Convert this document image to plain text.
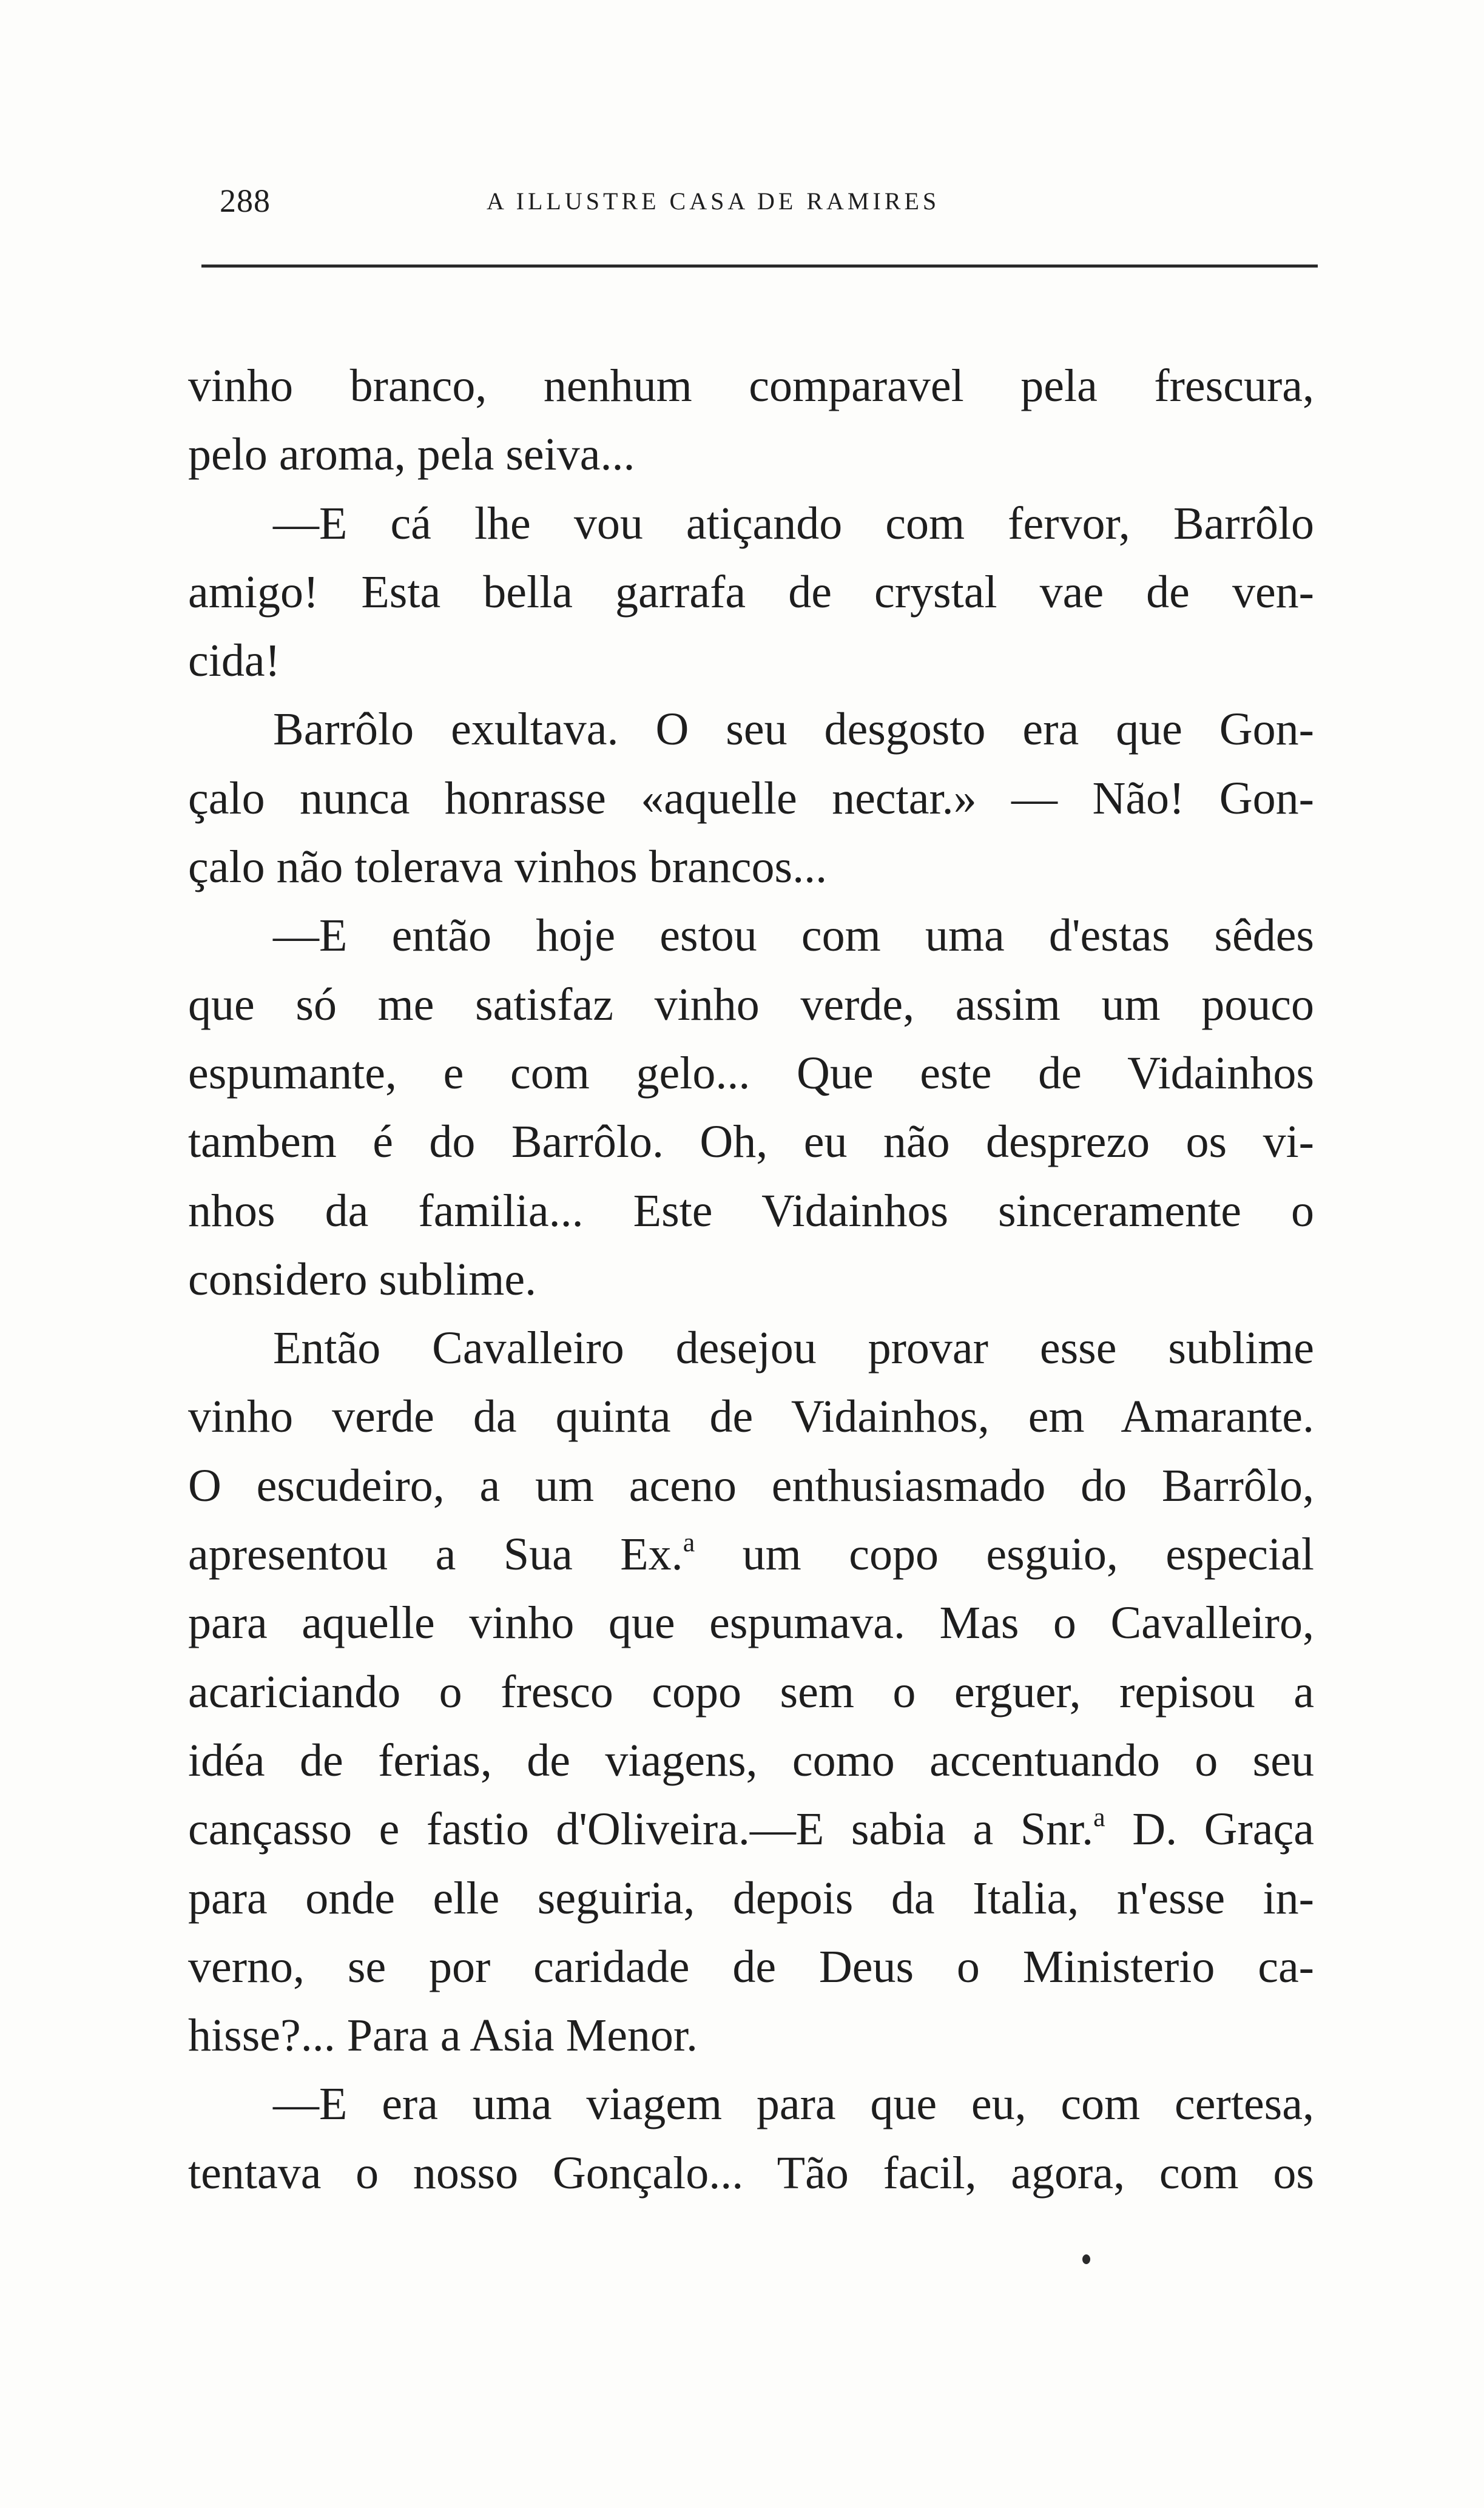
288	A ILLUSTRE CASA DE RAMIRES
vinho branco, nenhum comparavel pela frescura,
pelo aroma, pela seiva...
—E cá lhe vou atiçando com fervor, Barrôlo
amigo! Esta bella garrafa de crystal vae de ven-
cida!
Barrôlo exultava. O seu desgosto era que Gon-
çalo nunca honrasse «aquelle nectar.» — Não! Gon-
çalo não tolerava vinhos brancos...
—E então hoje estou com uma d'estas sêdes
que só me satisfaz vinho verde, assim um pouco
espumante, e com gelo... Que este de Vidainhos
tambem é do Barrôlo. Oh, eu não desprezo os vi-
nhos da familia... Este Vidainhos sinceramente o
considero sublime.
Então Cavalleiro desejou provar esse sublime
vinho verde da quinta de Vidainhos, em Amarante.
O escudeiro, a um aceno enthusiasmado do Barrôlo,
apresentou a Sua Ex.$^a$ um copo esguio, especial
para aquelle vinho que espumava. Mas o Cavalleiro,
acariciando o fresco copo sem o erguer, repisou a
idéa de ferias, de viagens, como accentuando o seu
cançasso e fastio d'Oliveira.—E sabia a Snr.$^a$ D. Graça
para onde elle seguiria, depois da Italia, n'esse in-
verno, se por caridade de Deus o Ministerio ca-
hisse?... Para a Asia Menor.
—E era uma viagem para que eu, com certesa,
tentava o nosso Gonçalo... Tão facil, agora, com os
